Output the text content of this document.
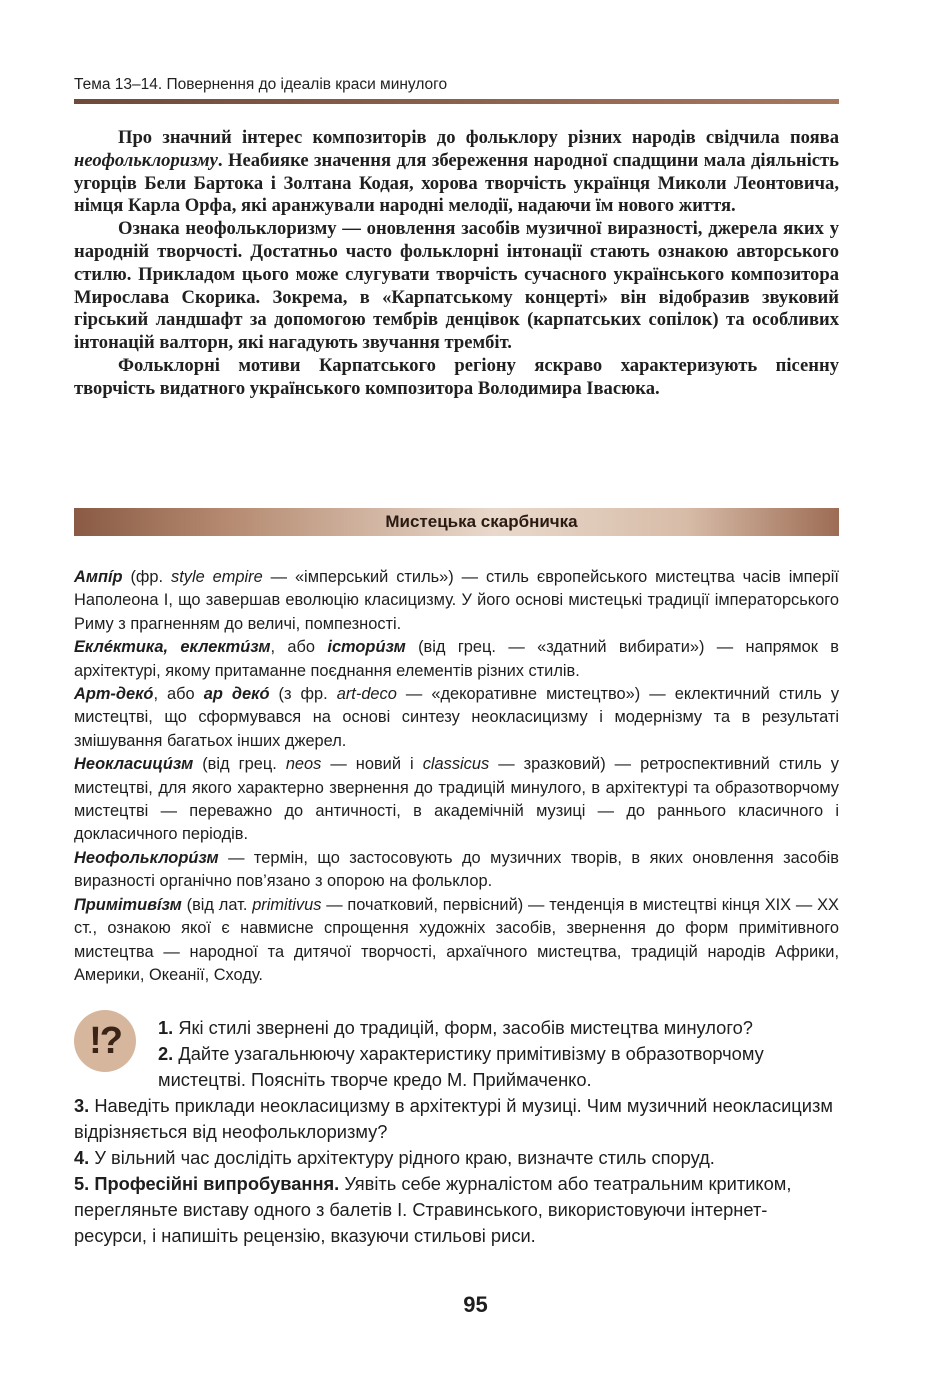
Тема 13–14. Повернення до ідеалів краси минулого

Про значний інтерес композиторів до фольклору різних народів свідчила поява неофольклоризму. Неабияке значення для збереження народної спадщини мала діяльність угорців Бели Бартока і Золтана Кодая, хорова творчість українця Миколи Леонтовича, німця Карла Орфа, які аранжували народні мелодії, надаючи їм нового життя.

Ознака неофольклоризму — оновлення засобів музичної виразності, джерела яких у народній творчості. Достатньо часто фольклорні інтонації стають ознакою авторського стилю. Прикладом цього може слугувати творчість сучасного українського композитора Мирослава Скорика. Зокрема, в «Карпатському концерті» він відобразив звуковий гірський ландшафт за допомогою тембрів денцівок (карпатських сопілок) та особливих інтонацій валторн, які нагадують звучання трембіт.

Фольклорні мотиви Карпатського регіону яскраво характеризують пісенну творчість видатного українського композитора Володимира Івасюка.

Мистецька скарбничка

Ампíр (фр. style empire — «імперський стиль») — стиль європейського мистецтва часів імперії Наполеона І, що завершав еволюцію класицизму. У його основі мистецькі традиції імператорського Риму з прагненням до величі, помпезності.

Еклéктика, еклектúзм, або історúзм (від грец. — «здатний вибирати») — напрямок в архітектурі, якому притаманне поєднання елементів різних стилів.

Арт-декó, або ар декó (з фр. art-deco — «декоративне мистецтво») — еклектичний стиль у мистецтві, що сформувався на основі синтезу неокласицизму і модернізму та в результаті змішування багатьох інших джерел.

Неокласицúзм (від грец. neos — новий і classicus — зразковий) — ретроспективний стиль у мистецтві, для якого характерно звернення до традицій минулого, в архітектурі та образотворчому мистецтві — переважно до античності, в академічній музиці — до раннього класичного і докласичного періодів.

Неофольклорúзм — термін, що застосовують до музичних творів, в яких оновлення засобів виразності органічно пов’язано з опорою на фольклор.

Примітивíзм (від лат. primitivus — початковий, первісний) — тенденція в мистецтві кінця XIX — XX ст., ознакою якої є навмисне спрощення художніх засобів, звернення до форм примітивного мистецтва — народної та дитячої творчості, архаїчного мистецтва, традицій народів Африки, Америки, Океанії, Сходу.

!?	1. Які стилі звернені до традицій, форм, засобів мистецтва минулого?

2. Дайте узагальнюючу характеристику примітивізму в образотворчому мистецтві. Поясніть творче кредо М. Приймаченко.

3. Наведіть приклади неокласицизму в архітектурі й музиці. Чим музичний неокласицизм відрізняється від неофольклоризму?

4. У вільний час дослідіть архітектуру рідного краю, визначте стиль споруд.

5. Професійні випробування. Уявіть себе журналістом або театральним критиком, перегляньте виставу одного з балетів І. Стравинського, використовуючи інтернет-ресурси, і напишіть рецензію, вказуючи стильові риси.

95
